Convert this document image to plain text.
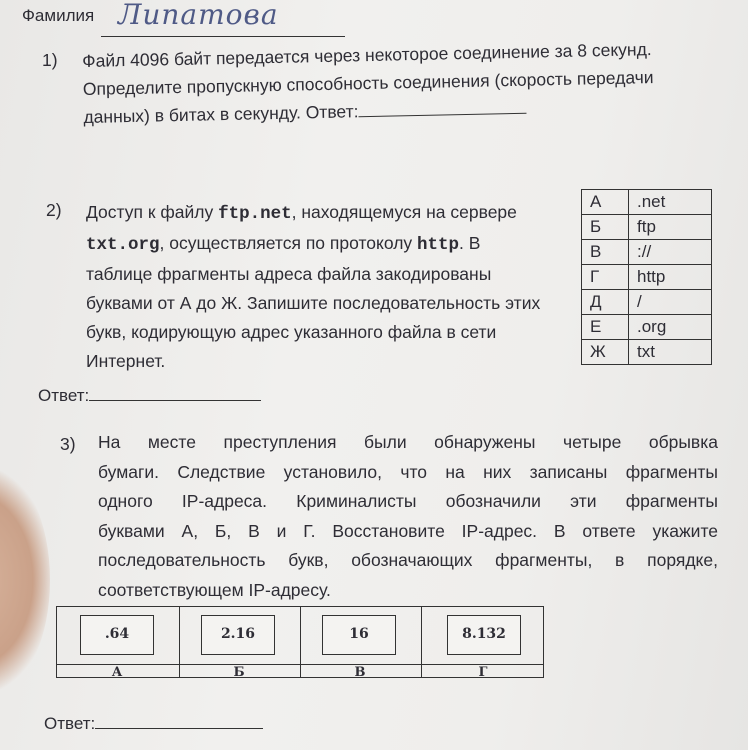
Фамилия Липатова
1) Файл 4096 байт передается через некоторое соединение за 8 секунд.
Определите пропускную способность соединения (скорость передачи
данных) в битах в секунду. Ответ:
2) Доступ к файлу ftp.net, находящемуся на сервере
txt.org, осуществляется по протоколу http. В
таблице фрагменты адреса файла закодированы
буквами от А до Ж. Запишите последовательность этих
букв, кодирующую адрес указанного файла в сети
Интернет.
А	.net
Б	ftp
В	://
Г	http
Д	/
Е	.org
Ж	txt
Ответ:
3) На месте преступления были обнаружены четыре обрывка
бумаги. Следствие установило, что на них записаны фрагменты
одного IP-адреса. Криминалисты обозначили эти фрагменты
буквами А, Б, В и Г. Восстановите IP-адрес. В ответе укажите
последовательность букв, обозначающих фрагменты, в порядке,
соответствующем IP-адресу.
.64	2.16	16	8.132
А	Б	В	Г
Ответ:
